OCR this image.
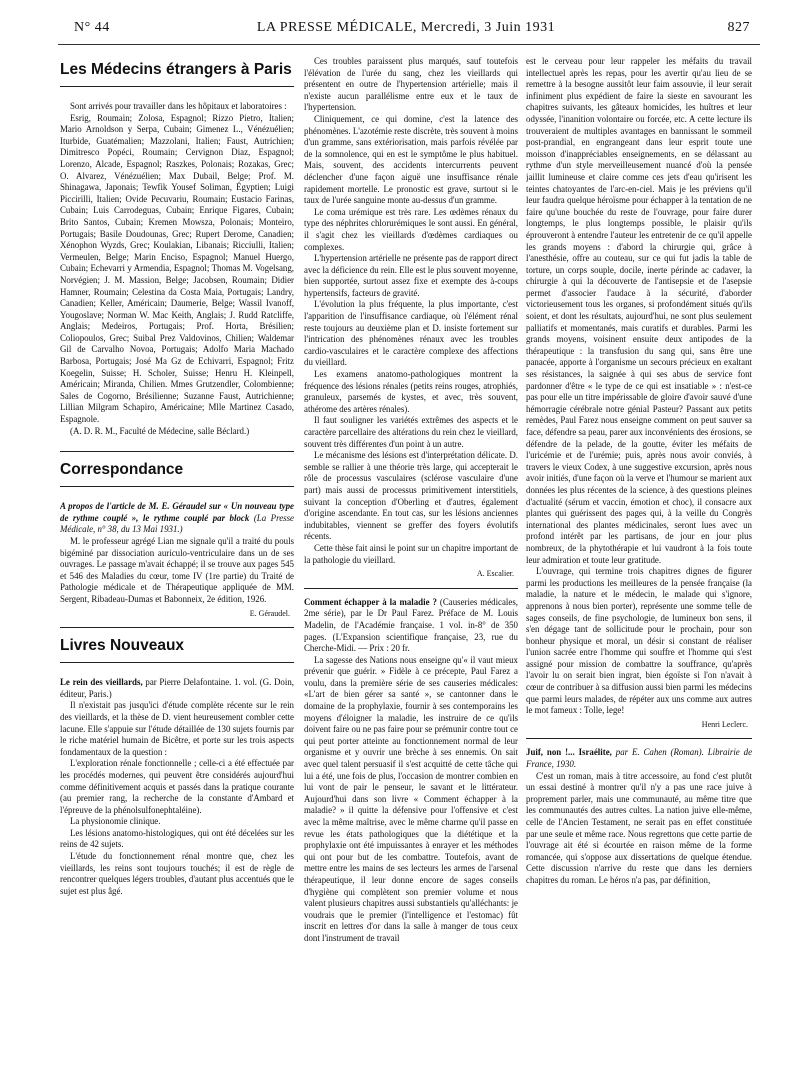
N° 44	LA PRESSE MÉDICALE, Mercredi, 3 Juin 1931	827
Les Médecins étrangers à Paris

Sont arrivés pour travailler dans les hôpitaux et laboratoires :

Esrig, Roumain; Zolosa, Espagnol; Rizzo Pietro, Italien; Mario Arnoldson y Serpa, Cubain; Gimenez L., Vénézuélien; Iturbide, Guatémalien; Mazzolani, Italien; Faust, Autrichien; Dimitresco Popéci, Roumain; Cervignon Diaz, Espagnol; Lorenzo, Alcade, Espagnol; Raszkes, Polonais; Rozakas, Grec; O. Alvarez, Vénézuélien; Max Dubail, Belge; Prof. M. Shinagawa, Japonais; Tewfik Yousef Soliman, Égyptien; Luigi Piccirilli, Italien; Ovide Pecuvariu, Roumain; Eustacio Farinas, Cubain; Luis Carrodeguas, Cubain; Enrique Figares, Cubain; Brito Santos, Cubain; Kremen Mowsza, Polonais; Monteiro, Portugais; Basile Doudounas, Grec; Rupert Derome, Canadien; Xénophon Wyzds, Grec; Koulakian, Libanais; Ricciulli, Italien; Vermeulen, Belge; Marin Enciso, Espagnol; Manuel Huergo, Cubain; Echevarri y Armendia, Espagnol; Thomas M. Vogelsang, Norvégien; J. M. Massion, Belge; Jacobsen, Roumain; Didier Hamner, Roumain; Celestina da Costa Maia, Portugais; Landry, Canadien; Keller, Américain; Daumerie, Belge; Wassil Ivanoff, Yougoslave; Norman W. Mac Keith, Anglais; J. Rudd Ratcliffe, Anglais; Medeiros, Portugais; Prof. Horta, Brésilien; Coliopoulos, Grec; Suibal Prez Valdovinos, Chilien; Waldemar Gil de Carvalho Novoa, Portugais; Adolfo Maria Machado Barbosa, Portugais; José Ma Gz de Echivarri, Espagnol; Fritz Koegelin, Suisse; H. Scholer, Suisse; Henru H. Kleinpell, Américain; Miranda, Chilien. Mmes Grutzendler, Colombienne; Sales de Cogorno, Brésilienne; Suzanne Faust, Autrichienne; Lillian Milgram Schapiro, Américaine; Mlle Martinez Casado, Espagnole.

(A. D. R. M., Faculté de Médecine, salle Béclard.)

Correspondance

A propos de l'article de M. E. Géraudel sur « Un nouveau type de rythme couplé », le rythme couplé par block (La Presse Médicale, n° 38, du 13 Mai 1931.)

M. le professeur agrégé Lian me signale qu'il a traité du pouls bigéminé par dissociation auriculo-ventriculaire dans un de ses ouvrages. Le passage m'avait échappé; il se trouve aux pages 545 et 546 des Maladies du cœur, tome IV (1re partie) du Traité de Pathologie médicale et de Thérapeutique appliquée de MM. Sergent, Ribadeau-Dumas et Babonneix, 2e édition, 1926.

E. Géraudel.

Livres Nouveaux

Le rein des vieillards, par Pierre Delafontaine. 1. vol. (G. Doin, éditeur, Paris.)

Il n'existait pas jusqu'ici d'étude complète récente sur le rein des vieillards, et la thèse de D. vient heureusement combler cette lacune. Elle s'appuie sur l'étude détaillée de 130 sujets fournis par le riche matériel humain de Bicêtre, et porte sur les trois aspects fondamentaux de la question :

L'exploration rénale fonctionnelle ; celle-ci a été effectuée par les procédés modernes, qui peuvent être considérés aujourd'hui comme définitivement acquis et passés dans la pratique courante (au premier rang, la recherche de la constante d'Ambard et l'épreuve de la phénolsulfonephtaléine).

La physionomie clinique.

Les lésions anatomo-histologiques, qui ont été décelées sur les reins de 42 sujets.

L'étude du fonctionnement rénal montre que, chez les vieillards, les reins sont toujours touchés; il est de règle de rencontrer quelques légers troubles, d'autant plus accentués que le sujet est plus âgé.

Ces troubles paraissent plus marqués, sauf toutefois l'élévation de l'urée du sang, chez les vieillards qui présentent en outre de l'hypertension artérielle; mais il n'existe aucun parallélisme entre eux et le taux de l'hypertension.

Cliniquement, ce qui domine, c'est la latence des phénomènes. L'azotémie reste discrète, très souvent à moins d'un gramme, sans extériorisation, mais parfois révélée par de la somnolence, qui en est le symptôme le plus habituel. Mais, souvent, des accidents intercurrents peuvent déclencher d'une façon aiguë une insuffisance rénale rapidement mortelle. Le pronostic est grave, surtout si le taux de l'urée sanguine monte au-dessus d'un gramme.

Le coma urémique est très rare. Les œdèmes rénaux du type des néphrites chlorurémiques le sont aussi. En général, il s'agit chez les vieillards d'œdèmes cardiaques ou complexes.

L'hypertension artérielle ne présente pas de rapport direct avec la déficience du rein. Elle est le plus souvent moyenne, bien supportée, surtout assez fixe et exempte des à-coups hypertensifs, facteurs de gravité.

L'évolution la plus fréquente, la plus importante, c'est l'apparition de l'insuffisance cardiaque, où l'élément rénal reste toujours au deuxième plan et D. insiste fortement sur l'intrication des phénomènes rénaux avec les troubles cardio-vasculaires et le caractère complexe des affections du vieillard.

Les examens anatomo-pathologiques montrent la fréquence des lésions rénales (petits reins rouges, atrophiés, granuleux, parsemés de kystes, et avec, très souvent, athérome des artères rénales).

Il faut souligner les variétés extrêmes des aspects et le caractère parcellaire des altérations du rein chez le vieillard, souvent très différentes d'un point à un autre.

Le mécanisme des lésions est d'interprétation délicate. D. semble se rallier à une théorie très large, qui accepterait le rôle de processus vasculaires (sclérose vasculaire d'une part) mais aussi de processus primitivement interstitiels, suivant la conception d'Oberling et d'autres, également d'origine ascendante. En tout cas, sur les lésions anciennes indubitables, viennent se greffer des foyers évolutifs récents.

Cette thèse fait ainsi le point sur un chapitre important de la pathologie du vieillard.

A. Escalier.

Comment échapper à la maladie ? (Causeries médicales, 2me série), par le Dr Paul Farez. Préface de M. Louis Madelin, de l'Académie française. 1 vol. in-8° de 350 pages. (L'Expansion scientifique française, 23, rue du Cherche-Midi. — Prix : 20 fr.

La sagesse des Nations nous enseigne qu'« il vaut mieux prévenir que guérir. » Fidèle à ce précepte, Paul Farez a voulu, dans la première série de ses causeries médicales: «L'art de bien gérer sa santé », se cantonner dans le domaine de la prophylaxie, fournir à ses contemporains les moyens d'éloigner la maladie, les instruire de ce qu'ils doivent faire ou ne pas faire pour se prémunir contre tout ce qui peut porter atteinte au fonctionnement normal de leur organisme et y ouvrir une brèche à ses ennemis. On sait avec quel talent persuasif il s'est acquitté de cette tâche qui lui a été, une fois de plus, l'occasion de montrer combien en lui vont de pair le penseur, le savant et le littérateur. Aujourd'hui dans son livre « Comment échapper à la maladie? » il quitte la défensive pour l'offensive et c'est avec la même maîtrise, avec le même charme qu'il passe en revue les états pathologiques que la diététique et la prophylaxie ont été impuissantes à enrayer et les méthodes qui ont pour but de les combattre. Toutefois, avant de mettre entre les mains de ses lecteurs les armes de l'arsenal thérapeutique, il leur donne encore de sages conseils d'hygiène qui complètent son premier volume et nous valent plusieurs chapitres aussi substantiels qu'alléchants: je voudrais que le premier (l'intelligence et l'estomac) fût inscrit en lettres d'or dans la salle à manger de tous ceux dont l'instrument de travail

est le cerveau pour leur rappeler les méfaits du travail intellectuel après les repas, pour les avertir qu'au lieu de se remettre à la besogne aussitôt leur faim assouvie, il leur serait infiniment plus expédient de faire la sieste en savourant les chapitres suivants, les gâteaux homicides, les huîtres et leur odyssée, l'inanition volontaire ou forcée, etc. A cette lecture ils trouveraient de multiples avantages en bannissant le sommeil post-prandial, en engrangeant dans leur esprit toute une moisson d'inappréciables enseignements, en se délassant au rythme d'un style merveilleusement nuancé d'où la pensée jaillit lumineuse et claire comme ces jets d'eau qu'irisent les teintes chatoyantes de l'arc-en-ciel. Mais je les préviens qu'il leur faudra quelque héroïsme pour échapper à la tentation de ne faire qu'une bouchée du reste de l'ouvrage, pour faire durer longtemps, le plus longtemps possible, le plaisir qu'ils éprouveront à entendre l'auteur les entretenir de ce qu'il appelle les grands moyens : d'abord la chirurgie qui, grâce à l'anesthésie, offre au couteau, sur ce qui fut jadis la table de torture, un corps souple, docile, inerte périnde ac cadaver, la chirurgie à qui la découverte de l'antisepsie et de l'asepsie permet d'associer l'audace à la sécurité, d'aborder victorieusement tous les organes, si profondément situés qu'ils soient, et dont les résultats, aujourd'hui, ne sont plus seulement palliatifs et momentanés, mais curatifs et durables. Parmi les grands moyens, voisinent ensuite deux antipodes de la thérapeutique : la transfusion du sang qui, sans être une panacée, apporte à l'organisme un secours précieux en exaltant ses résistances, la saignée à qui ses abus de service font pardonner d'être « le type de ce qui est insatiable » : n'est-ce pas pour elle un titre impérissable de gloire d'avoir sauvé d'une hémorragie cérébrale notre génial Pasteur? Passant aux petits remèdes, Paul Farez nous enseigne comment on peut sauver sa face, défendre sa peau, parer aux inconvénients des érosions, se défendre de la pelade, de la goutte, éviter les méfaits de l'uricémie et de l'urémie; puis, après nous avoir conviés, à travers le vieux Codex, à une suggestive excursion, après nous avoir initiés, d'une façon où la verve et l'humour se marient aux données les plus récentes de la science, à des questions pleines d'actualité (sérum et vaccin, émotion et choc), il consacre aux plantes qui guérissent des pages qui, à la veille du Congrès international des plantes médicinales, seront lues avec un profond intérêt par les partisans, de jour en jour plus nombreux, de la phytothérapie et lui vaudront à la fois toute leur admiration et toute leur gratitude.

L'ouvrage, qui termine trois chapitres dignes de figurer parmi les productions les meilleures de la pensée française (la maladie, la nature et le médecin, le malade qui s'ignore, apprenons à nous bien porter), représente une somme telle de sages conseils, de fine psychologie, de lumineux bon sens, il s'en dégage tant de sollicitude pour le prochain, pour son bonheur physique et moral, un désir si constant de réaliser l'union sacrée entre l'homme qui souffre et l'homme qui s'est assigné pour mission de combattre la souffrance, qu'après l'avoir lu on serait bien ingrat, bien égoïste si l'on n'avait à cœur de contribuer à sa diffusion aussi bien parmi les médecins que parmi leurs malades, de répéter aux uns comme aux autres le mot fameux : Tolle, lege!

Henri Leclerc.

Juif, non !... Israélite, par E. Cahen (Roman). Librairie de France, 1930.

C'est un roman, mais à titre accessoire, au fond c'est plutôt un essai destiné à montrer qu'il n'y a pas une race juive à proprement parler, mais une communauté, au même titre que les communautés des autres cultes. La nation juive elle-même, celle de l'Ancien Testament, ne serait pas en effet constituée par une seule et même race. Nous regrettons que cette partie de l'ouvrage ait été si écourtée en raison même de la forme romancée, qui s'oppose aux dissertations de quelque étendue. Cette discussion n'arrive du reste que dans les derniers chapitres du roman. Le héros n'a pas, par définition,
